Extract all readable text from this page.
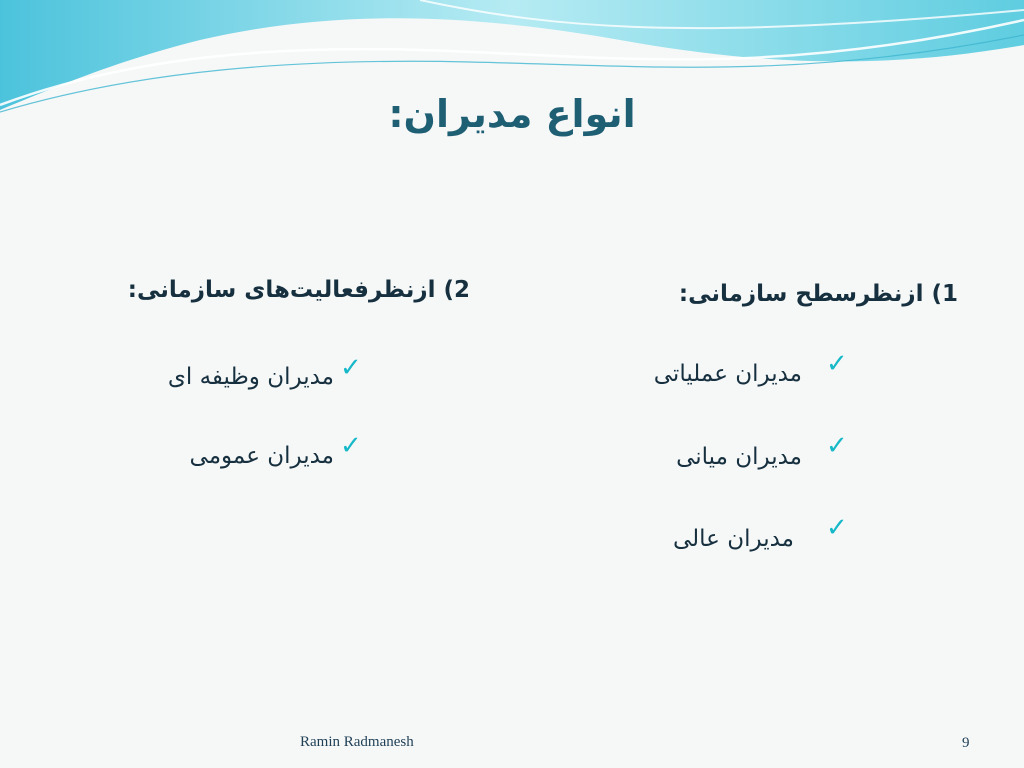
انواع مدیران:
1) ازنظرسطح سازمانی:
✓
مدیران عملیاتی
✓
مدیران میانی
✓
مدیران عالی
2) ازنظرفعالیت‌های سازمانی:
✓
مدیران وظیفه ای
✓
مدیران عمومی
Ramin Radmanesh	9
